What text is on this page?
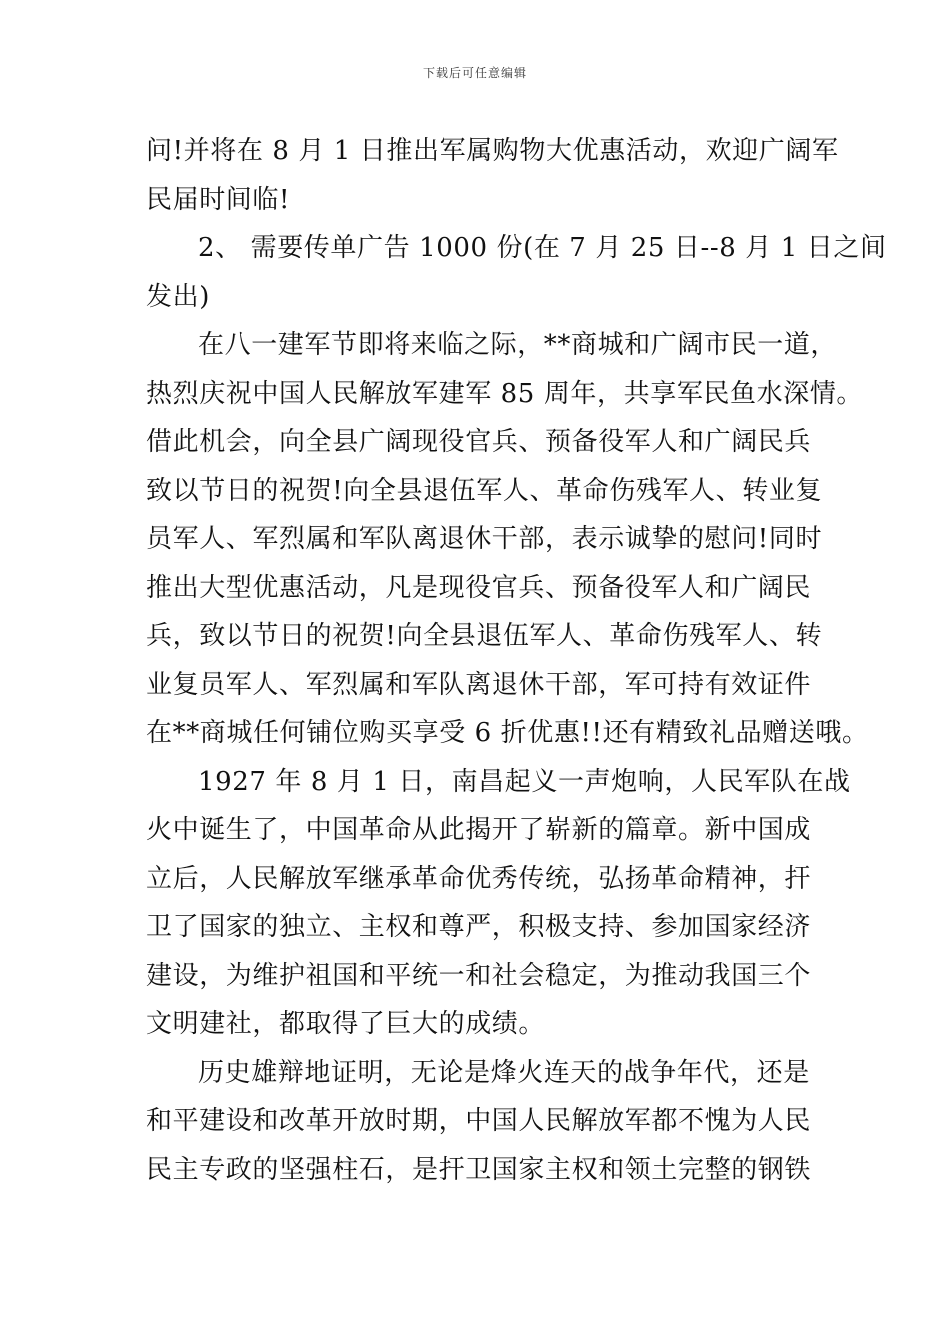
下载后可任意编辑
问!并将在 8 月 1 日推出军属购物大优惠活动，欢迎广阔军
民届时间临!
2、 需要传单广告 1000 份(在 7 月 25 日--8 月 1 日之间
发出)
在八一建军节即将来临之际，**商城和广阔市民一道，
热烈庆祝中国人民解放军建军 85 周年，共享军民鱼水深情。
借此机会，向全县广阔现役官兵、预备役军人和广阔民兵
致以节日的祝贺!向全县退伍军人、革命伤残军人、转业复
员军人、军烈属和军队离退休干部，表示诚挚的慰问!同时
推出大型优惠活动，凡是现役官兵、预备役军人和广阔民
兵，致以节日的祝贺!向全县退伍军人、革命伤残军人、转
业复员军人、军烈属和军队离退休干部，军可持有效证件
在**商城任何铺位购买享受 6 折优惠!!还有精致礼品赠送哦。
1927 年 8 月 1 日，南昌起义一声炮响，人民军队在战
火中诞生了，中国革命从此揭开了崭新的篇章。新中国成
立后，人民解放军继承革命优秀传统，弘扬革命精神，扞
卫了国家的独立、主权和尊严，积极支持、参加国家经济
建设，为维护祖国和平统一和社会稳定，为推动我国三个
文明建社，都取得了巨大的成绩。
历史雄辩地证明，无论是烽火连天的战争年代，还是
和平建设和改革开放时期，中国人民解放军都不愧为人民
民主专政的坚强柱石，是扞卫国家主权和领土完整的钢铁
